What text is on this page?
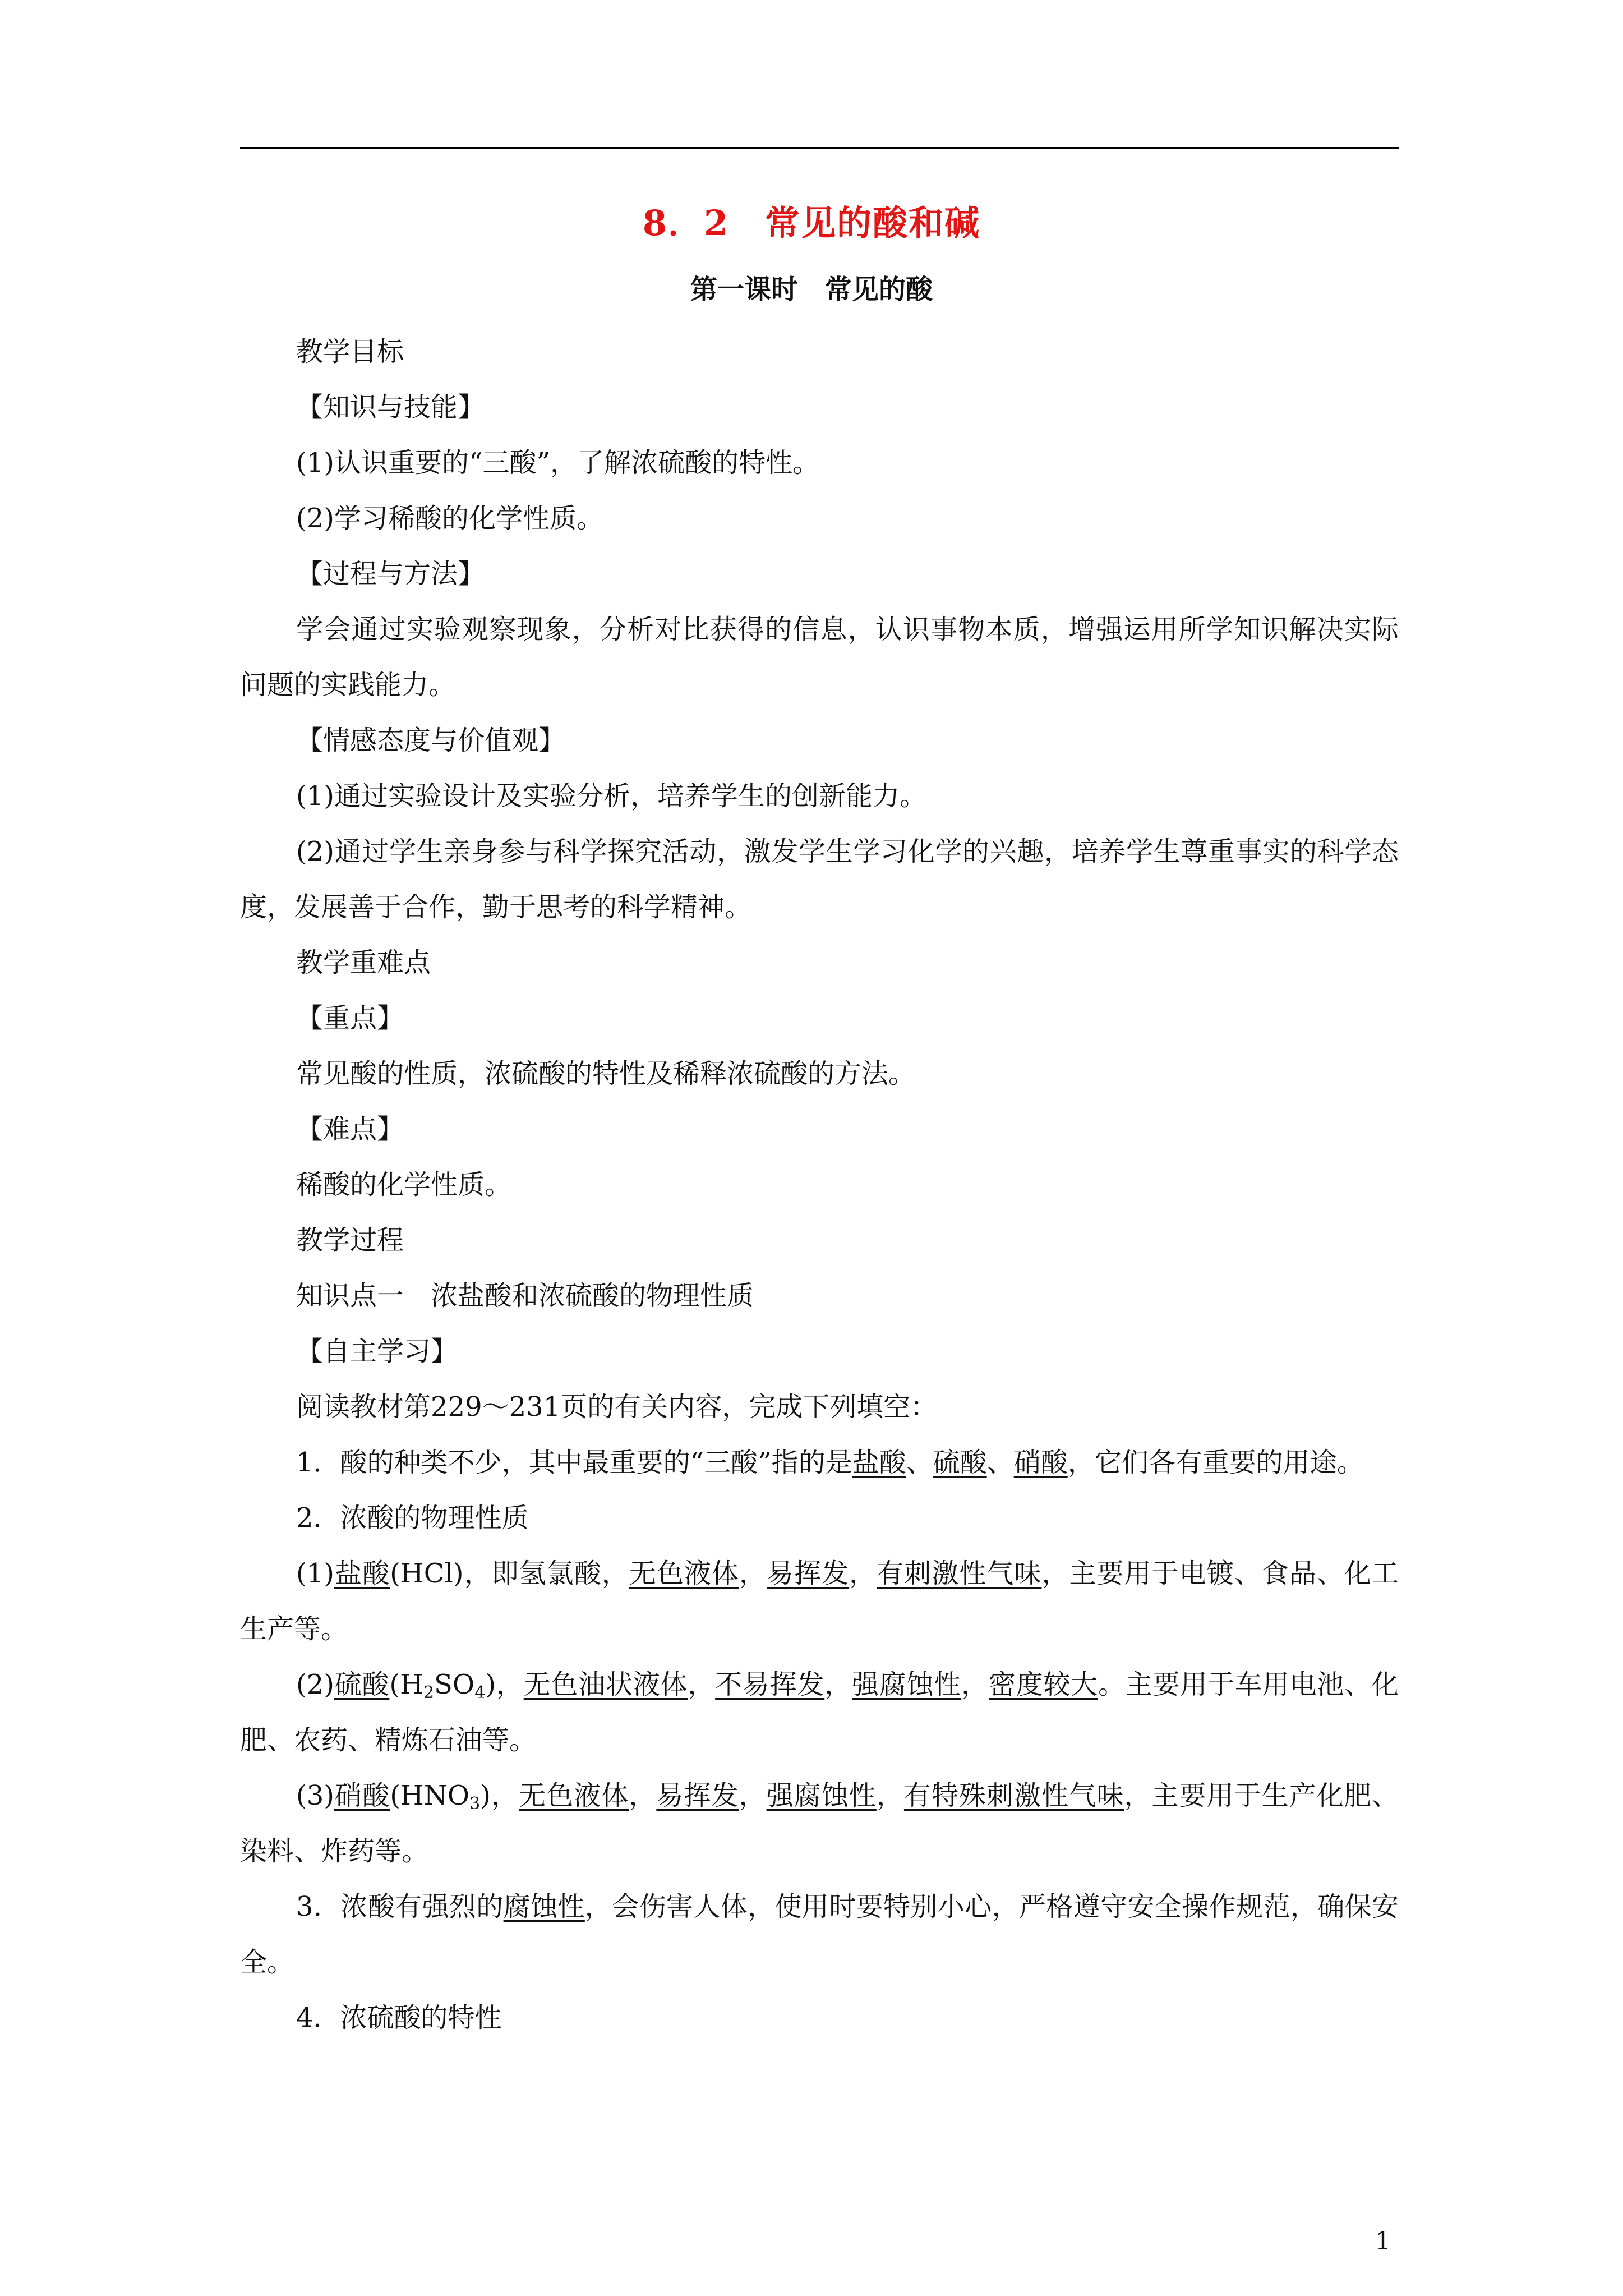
8．2　常见的酸和碱
第一课时　常见的酸

教学目标

【知识与技能】

(1)认识重要的“三酸”，了解浓硫酸的特性。

(2)学习稀酸的化学性质。

【过程与方法】

学会通过实验观察现象，分析对比获得的信息，认识事物本质，增强运用所学知识解决实际问题的实践能力。

【情感态度与价值观】

(1)通过实验设计及实验分析，培养学生的创新能力。

(2)通过学生亲身参与科学探究活动，激发学生学习化学的兴趣，培养学生尊重事实的科学态度，发展善于合作，勤于思考的科学精神。

教学重难点

【重点】

常见酸的性质，浓硫酸的特性及稀释浓硫酸的方法。

【难点】

稀酸的化学性质。

教学过程

知识点一　浓盐酸和浓硫酸的物理性质

【自主学习】

阅读教材第229～231页的有关内容，完成下列填空：

1．酸的种类不少，其中最重要的“三酸”指的是盐酸、硫酸、硝酸，它们各有重要的用途。

2．浓酸的物理性质

(1)盐酸(HCl)，即氢氯酸，无色液体，易挥发，有刺激性气味，主要用于电镀、食品、化工生产等。

(2)硫酸$(H_2SO_4)$，无色油状液体，不易挥发，强腐蚀性，密度较大。主要用于车用电池、化肥、农药、精炼石油等。

(3)硝酸$(HNO_3)$，无色液体，易挥发，强腐蚀性，有特殊刺激性气味，主要用于生产化肥、染料、炸药等。

3．浓酸有强烈的腐蚀性，会伤害人体，使用时要特别小心，严格遵守安全操作规范，确保安全。

4．浓硫酸的特性

1
